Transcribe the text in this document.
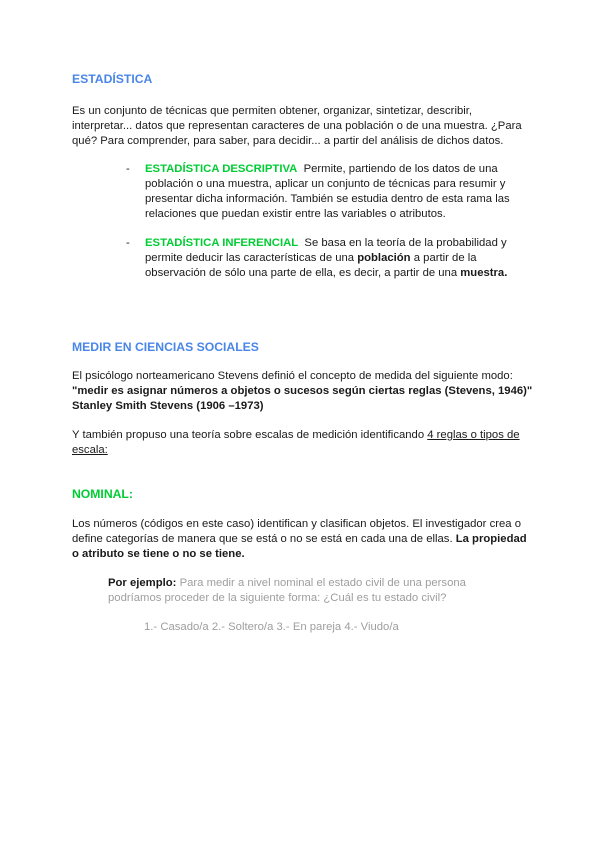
ESTADÍSTICA

Es un conjunto de técnicas que permiten obtener, organizar, sintetizar, describir, interpretar... datos que representan caracteres de una población o de una muestra. ¿Para qué? Para comprender, para saber, para decidir... a partir del análisis de dichos datos.

- ESTADÍSTICA DESCRIPTIVA Permite, partiendo de los datos de una población o una muestra, aplicar un conjunto de técnicas para resumir y presentar dicha información. También se estudia dentro de esta rama las relaciones que puedan existir entre las variables o atributos.

- ESTADÍSTICA INFERENCIAL Se basa en la teoría de la probabilidad y permite deducir las características de una población a partir de la observación de sólo una parte de ella, es decir, a partir de una muestra.

MEDIR EN CIENCIAS SOCIALES

El psicólogo norteamericano Stevens definió el concepto de medida del siguiente modo:
"medir es asignar números a objetos o sucesos según ciertas reglas (Stevens, 1946)"
Stanley Smith Stevens (1906 –1973)

Y también propuso una teoría sobre escalas de medición identificando 4 reglas o tipos de escala:

NOMINAL:

Los números (códigos en este caso) identifican y clasifican objetos. El investigador crea o define categorías de manera que se está o no se está en cada una de ellas. La propiedad o atributo se tiene o no se tiene.

Por ejemplo: Para medir a nivel nominal el estado civil de una persona podríamos proceder de la siguiente forma: ¿Cuál es tu estado civil?

1.- Casado/a 2.- Soltero/a 3.- En pareja 4.- Viudo/a
